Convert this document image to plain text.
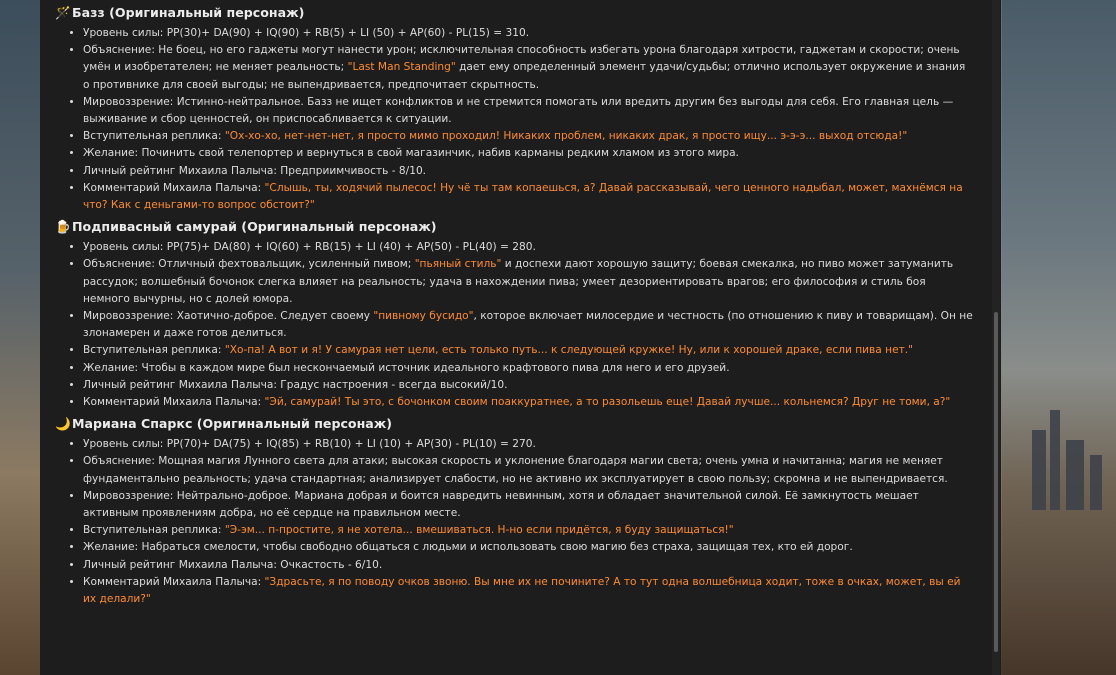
🪄Базз (Оригинальный персонаж)
• Уровень силы: PP(30)+ DA(90) + IQ(90) + RB(5) + LI (50) + AP(60) - PL(15) = 310.
• Объяснение: Не боец, но его гаджеты могут нанести урон; исключительная способность избегать урона благодаря хитрости, гаджетам и скорости; очень умён и изобретателен; не меняет реальность; "Last Man Standing" дает ему определенный элемент удачи/судьбы; отлично использует окружение и знания о противнике для своей выгоды; не выпендривается, предпочитает скрытность.
• Мировоззрение: Истинно-нейтральное. Базз не ищет конфликтов и не стремится помогать или вредить другим без выгоды для себя. Его главная цель — выживание и сбор ценностей, он приспосабливается к ситуации.
• Вступительная реплика: "Ох-хо-хо, нет-нет-нет, я просто мимо проходил! Никаких проблем, никаких драк, я просто ищу... э-э-э... выход отсюда!"
• Желание: Починить свой телепортер и вернуться в свой магазинчик, набив карманы редким хламом из этого мира.
• Личный рейтинг Михаила Палыча: Предприимчивость - 8/10.
• Комментарий Михаила Палыча: "Слышь, ты, ходячий пылесос! Ну чё ты там копаешься, а? Давай рассказывай, чего ценного надыбал, может, махнёмся на что? Как с деньгами-то вопрос обстоит?"
🍺Подпивасный самурай (Оригинальный персонаж)
• Уровень силы: PP(75)+ DA(80) + IQ(60) + RB(15) + LI (40) + AP(50) - PL(40) = 280.
• Объяснение: Отличный фехтовальщик, усиленный пивом; "пьяный стиль" и доспехи дают хорошую защиту; боевая смекалка, но пиво может затуманить рассудок; волшебный бочонок слегка влияет на реальность; удача в нахождении пива; умеет дезориентировать врагов; его философия и стиль боя немного вычурны, но с долей юмора.
• Мировоззрение: Хаотично-доброе. Следует своему "пивному бусидо", которое включает милосердие и честность (по отношению к пиву и товарищам). Он не злонамерен и даже готов делиться.
• Вступительная реплика: "Хо-па! А вот и я! У самурая нет цели, есть только путь... к следующей кружке! Ну, или к хорошей драке, если пива нет."
• Желание: Чтобы в каждом мире был нескончаемый источник идеального крафтового пива для него и его друзей.
• Личный рейтинг Михаила Палыча: Градус настроения - всегда высокий/10.
• Комментарий Михаила Палыча: "Эй, самурай! Ты это, с бочонком своим поаккуратнее, а то разольешь еще! Давай лучше... кольнемся? Друг не томи, а?"
🌙Мариана Спаркс (Оригинальный персонаж)
• Уровень силы: PP(70)+ DA(75) + IQ(85) + RB(10) + LI (10) + AP(30) - PL(10) = 270.
• Объяснение: Мощная магия Лунного света для атаки; высокая скорость и уклонение благодаря магии света; очень умна и начитанна; магия не меняет фундаментально реальность; удача стандартная; анализирует слабости, но не активно их эксплуатирует в свою пользу; скромна и не выпендривается.
• Мировоззрение: Нейтрально-доброе. Мариана добрая и боится навредить невинным, хотя и обладает значительной силой. Её замкнутость мешает активным проявлениям добра, но её сердце на правильном месте.
• Вступительная реплика: "Э-эм... п-простите, я не хотела... вмешиваться. Н-но если придётся, я буду защищаться!"
• Желание: Набраться смелости, чтобы свободно общаться с людьми и использовать свою магию без страха, защищая тех, кто ей дорог.
• Личный рейтинг Михаила Палыча: Очкастость - 6/10.
• Комментарий Михаила Палыча: "Здрасьте, я по поводу очков звоню. Вы мне их не почините? А то тут одна волшебница ходит, тоже в очках, может, вы ей их делали?"
